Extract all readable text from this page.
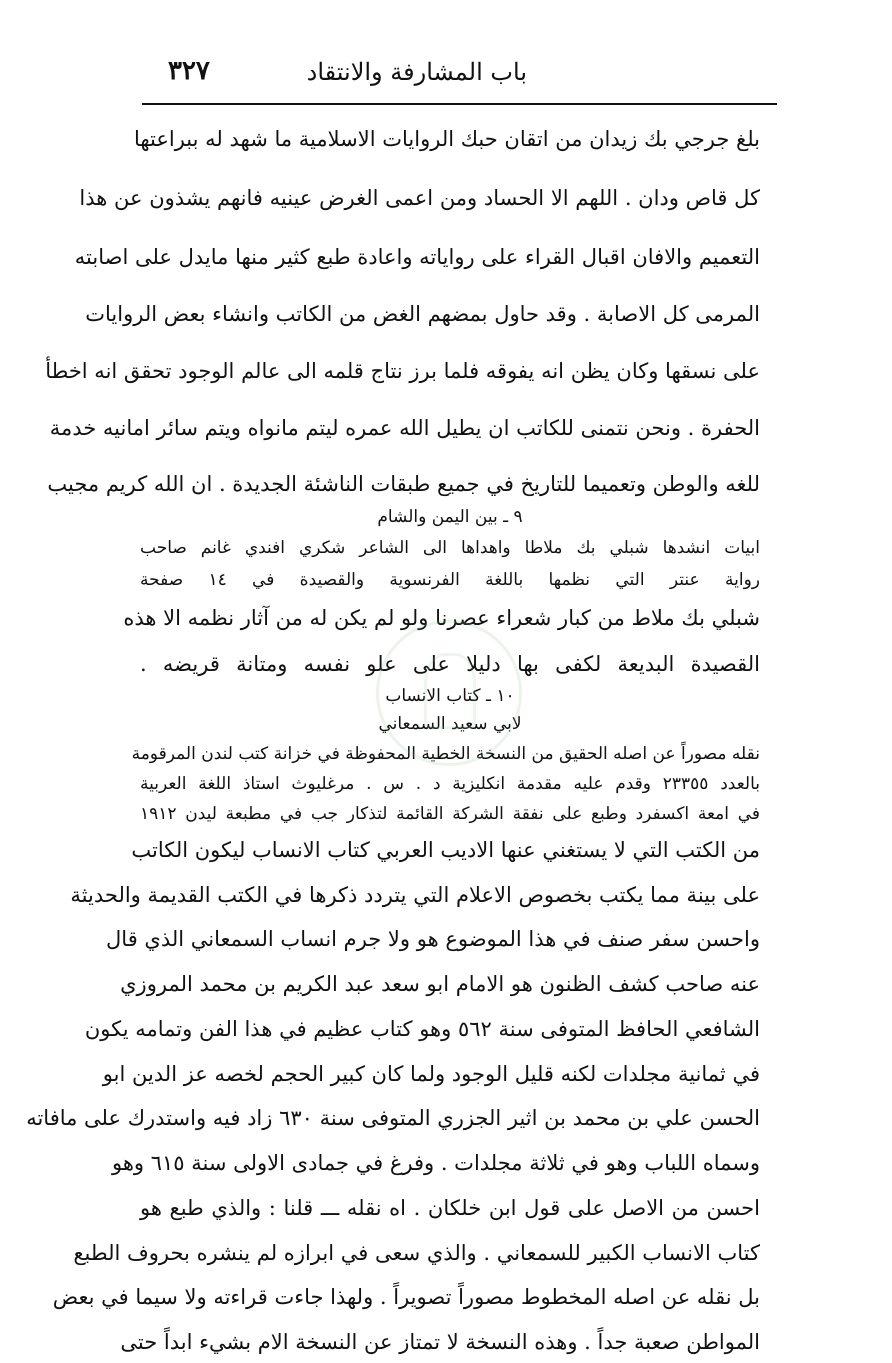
باب المشارفة والانتقاد
٣٢٧
بلغ جرجي بك زيدان من اتقان حبك الروايات الاسلامية ما شهد له ببراعتها
كل قاص ودان . اللهم الا الحساد ومن اعمى الغرض عينيه فانهم يشذون عن هذا
التعميم والافان اقبال القراء على رواياته واعادة طبع كثير منها مايدل على اصابته
المرمى كل الاصابة . وقد حاول بمضهم الغض من الكاتب وانشاء بعض الروايات
على نسقها وكان يظن انه يفوقه فلما برز نتاج قلمه الى عالم الوجود تحقق انه اخطأ
الحفرة . ونحن نتمنى للكاتب ان يطيل الله عمره ليتم مانواه ويتم سائر امانيه خدمة
للغه والوطن وتعميما للتاريخ في جميع طبقات الناشئة الجديدة . ان الله كريم مجيب
٩ ـ بين اليمن والشام
ابيات انشدها شبلي بك ملاطا واهداها الى الشاعر شكري افندي غانم صاحب
رواية عنتر التي نظمها باللغة الفرنسوية والقصيدة في ١٤ صفحة
شبلي بك ملاط من كبار شعراء عصرنا ولو لم يكن له من آثار نظمه الا هذه
القصيدة البديعة لكفى بها دليلا على علو نفسه ومتانة قريضه .
١٠ ـ كتاب الانساب
لابي سعيد السمعاني
نقله مصوراً عن اصله الحقيق من النسخة الخطية المحفوظة في خزانة كتب لندن المرقومة
بالعدد ٢٣٣٥٥ وقدم عليه مقدمة انكليزية د . س . مرغليوث استاذ اللغة العربية
في امعة اكسفرد وطبع على نفقة الشركة القائمة لتذكار جب في مطبعة ليدن ١٩١٢
من الكتب التي لا يستغني عنها الاديب العربي كتاب الانساب ليكون الكاتب
على بينة مما يكتب بخصوص الاعلام التي يتردد ذكرها في الكتب القديمة والحديثة
واحسن سفر صنف في هذا الموضوع هو ولا جرم انساب السمعاني الذي قال
عنه صاحب كشف الظنون هو الامام ابو سعد عبد الكريم بن محمد المروزي
الشافعي الحافظ المتوفى سنة ٥٦٢ وهو كتاب عظيم في هذا الفن وتمامه يكون
في ثمانية مجلدات لكنه قليل الوجود ولما كان كبير الحجم لخصه عز الدين ابو
الحسن علي بن محمد بن اثير الجزري المتوفى سنة ٦٣٠ زاد فيه واستدرك على مافاته
وسماه اللباب وهو في ثلاثة مجلدات . وفرغ في جمادى الاولى سنة ٦١٥ وهو
احسن من الاصل على قول ابن خلكان . اه نقله ـــ قلنا : والذي طبع هو
كتاب الانساب الكبير للسمعاني . والذي سعى في ابرازه لم ينشره بحروف الطبع
بل نقله عن اصله المخطوط مصوراً تصويراً . ولهذا جاءت قراءته ولا سيما في بعض
المواطن صعبة جداً . وهذه النسخة لا تمتاز عن النسخة الام بشيء ابداً حتى
